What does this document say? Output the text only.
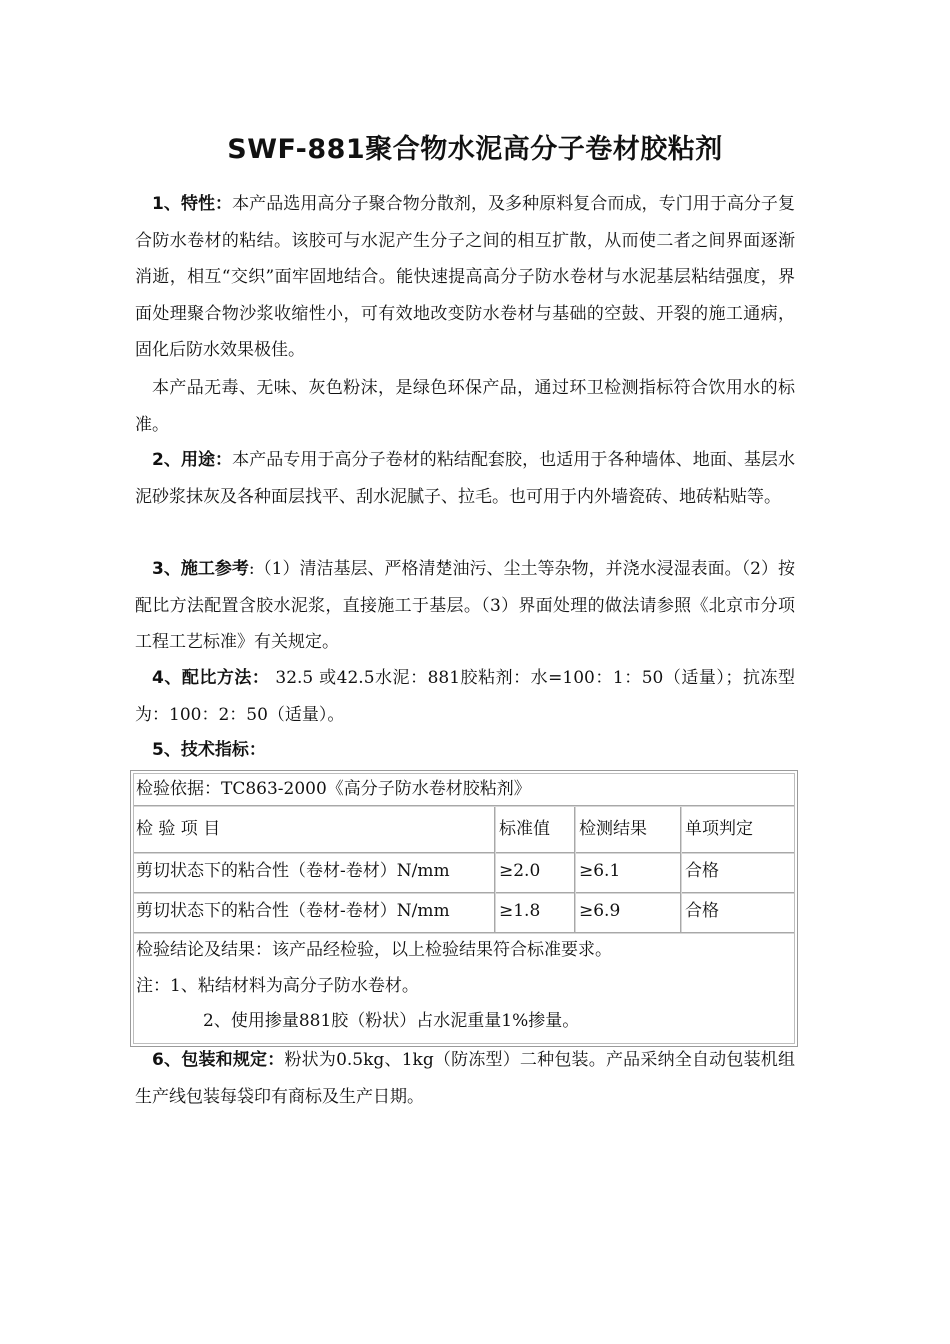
SWF-881聚合物水泥高分子卷材胶粘剂
1、特性：本产品选用高分子聚合物分散剂，及多种原料复合而成，专门用于高分子复合防水卷材的粘结。该胶可与水泥产生分子之间的相互扩散，从而使二者之间界面逐渐消逝，相互“交织”面牢固地结合。能快速提高高分子防水卷材与水泥基层粘结强度，界面处理聚合物沙浆收缩性小，可有效地改变防水卷材与基础的空鼓、开裂的施工通病，固化后防水效果极佳。
本产品无毒、无味、灰色粉沫，是绿色环保产品，通过环卫检测指标符合饮用水的标准。
2、用途：本产品专用于高分子卷材的粘结配套胶，也适用于各种墙体、地面、基层水泥砂浆抹灰及各种面层找平、刮水泥腻子、拉毛。也可用于内外墙瓷砖、地砖粘贴等。
3、施工参考:（1）清洁基层、严格清楚油污、尘土等杂物，并浇水浸湿表面。（2）按配比方法配置含胶水泥浆，直接施工于基层。（3）界面处理的做法请参照《北京市分项工程工艺标准》有关规定。
4、配比方法： 32.5 或42.5水泥：881胶粘剂：水=100：1：50（适量）；抗冻型为：100：2：50（适量）。
5、技术指标：
检验依据：TC863-2000《高分子防水卷材胶粘剂》
检 验 项 目	标准值 检测结果 单项判定
剪切状态下的粘合性（卷材-卷材）N/mm	≥2.0 ≥6.1	合格
剪切状态下的粘合性（卷材-卷材）N/mm	≥1.8 ≥6.9	合格
检验结论及结果：该产品经检验，以上检验结果符合标准要求。
注：1、粘结材料为高分子防水卷材。
2、使用掺量881胶（粉状）占水泥重量1%掺量。
6、包装和规定：粉状为0.5kg、1kg（防冻型）二种包装。产品采纳全自动包装机组生产线包装每袋印有商标及生产日期。
